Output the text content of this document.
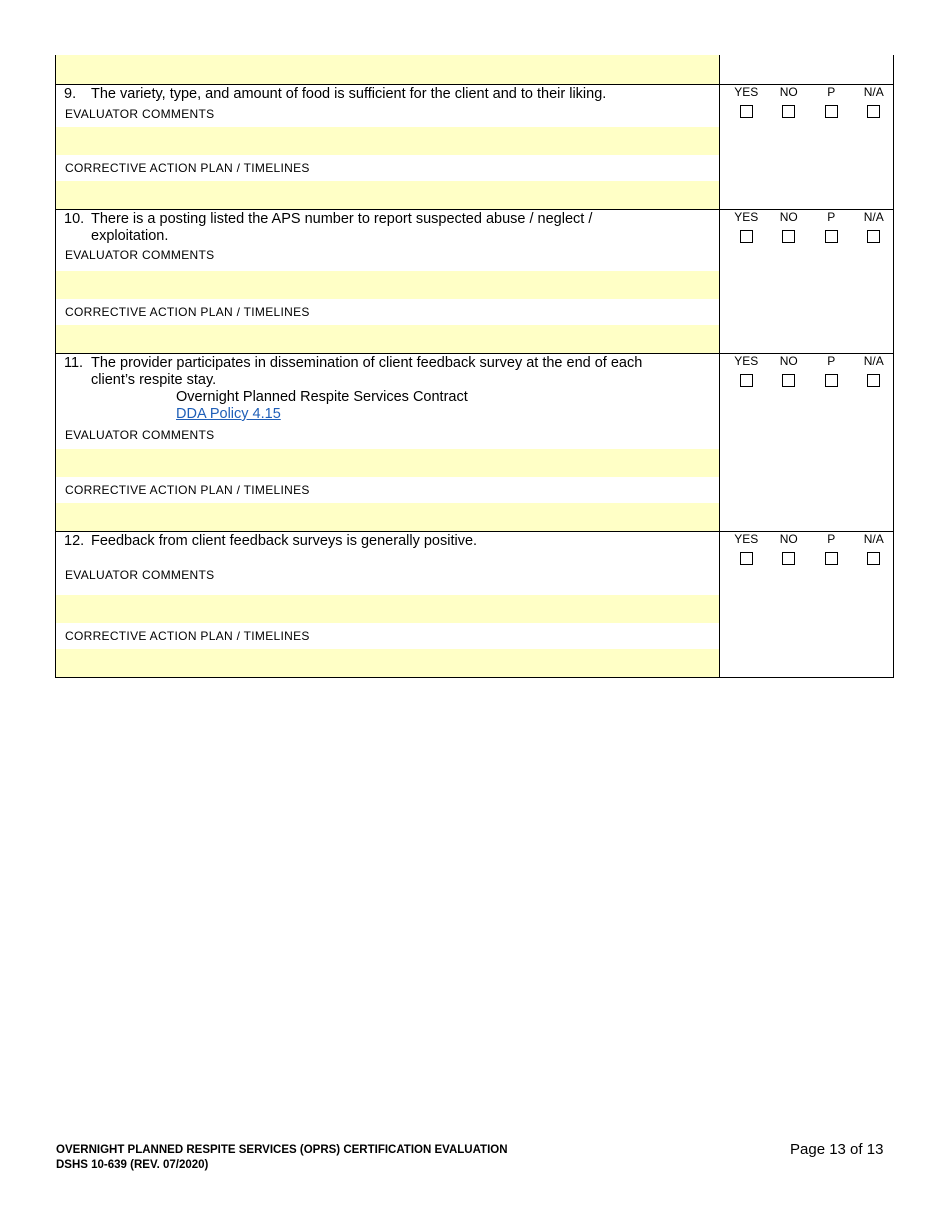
9. The variety, type, and amount of food is sufficient for the client and to their liking.
EVALUATOR COMMENTS
CORRECTIVE ACTION PLAN / TIMELINES
YES	NO	P	N/A
10. There is a posting listed the APS number to report suspected abuse / neglect /
exploitation.
EVALUATOR COMMENTS
CORRECTIVE ACTION PLAN / TIMELINES
YES	NO	P	N/A
11. The provider participates in dissemination of client feedback survey at the end of each
client’s respite stay.
Overnight Planned Respite Services Contract
DDA Policy 4.15
EVALUATOR COMMENTS
CORRECTIVE ACTION PLAN / TIMELINES
YES	NO	P	N/A
12. Feedback from client feedback surveys is generally positive.
EVALUATOR COMMENTS
CORRECTIVE ACTION PLAN / TIMELINES
YES	NO	P	N/A
OVERNIGHT PLANNED RESPITE SERVICES (OPRS) CERTIFICATION EVALUATION
DSHS 10-639 (REV. 07/2020)
Page 13 of 13
